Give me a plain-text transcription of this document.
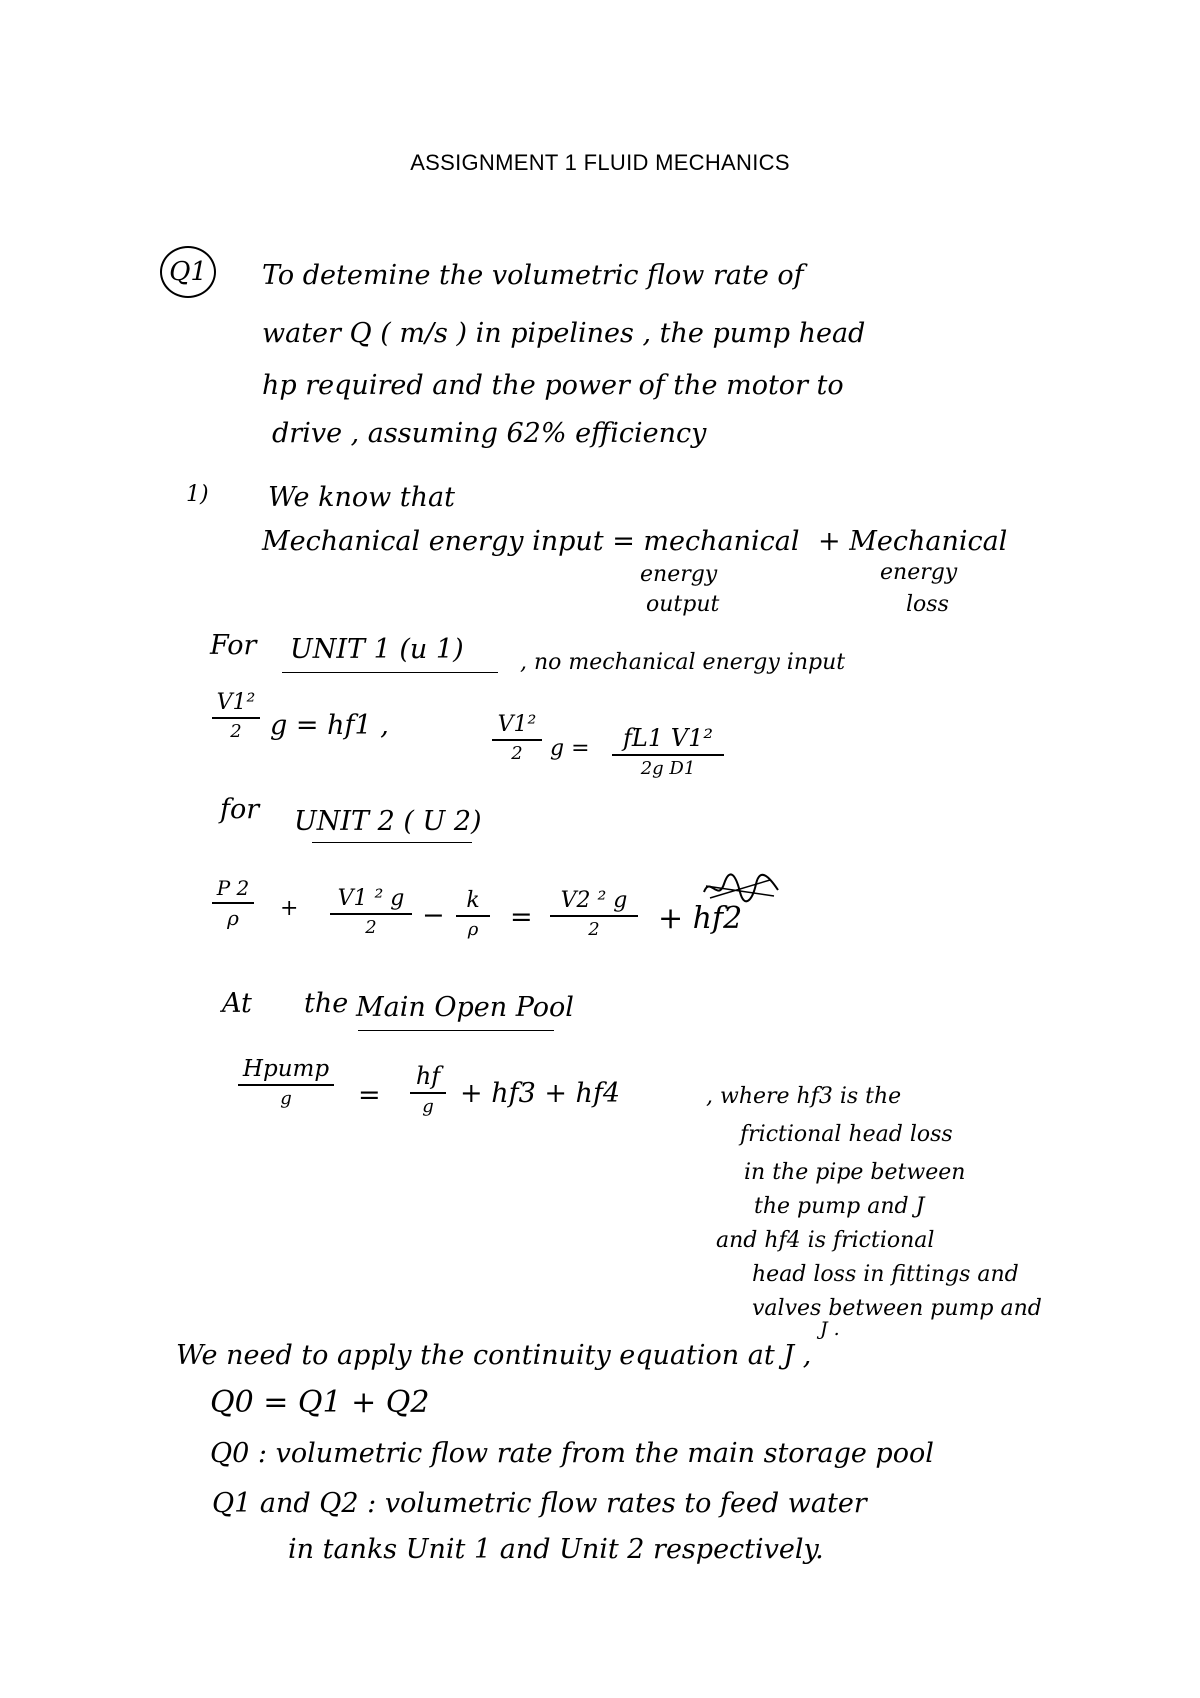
ASSIGNMENT 1 FLUID MECHANICS
Q1 To detemine the volumetric flow rate of
water Q ( m/s ) in pipelines , the pump head
hp required and the power of the motor to
drive , assuming 62% efficiency
1) We know that
Mechanical energy input = mechanical + Mechanical
energy
output
energy
loss
For UNIT 1 (u 1)	, no mechanical energy input
V1²
2	g = hf1 ,	V1²
2	g =	fL1 V1²
2g D1
for UNIT 2 ( U 2)
P 2
ρ	+	V1 ² g
2	− k
ρ	=
V2 ² g
2	+ hf2
At the Main Open Pool
Hpump
g	=
hf
g + hf3 + hf4	, where hf3 is the
frictional head loss
in the pipe between
the pump and J
and hf4 is frictional
head loss in fittings and
valves between pump and
J .
We need to apply the continuity equation at J ,
Q0 = Q1 + Q2
Q0 : volumetric flow rate from the main storage pool
Q1 and Q2 : volumetric flow rates to feed water
in tanks Unit 1 and Unit 2 respectively.
